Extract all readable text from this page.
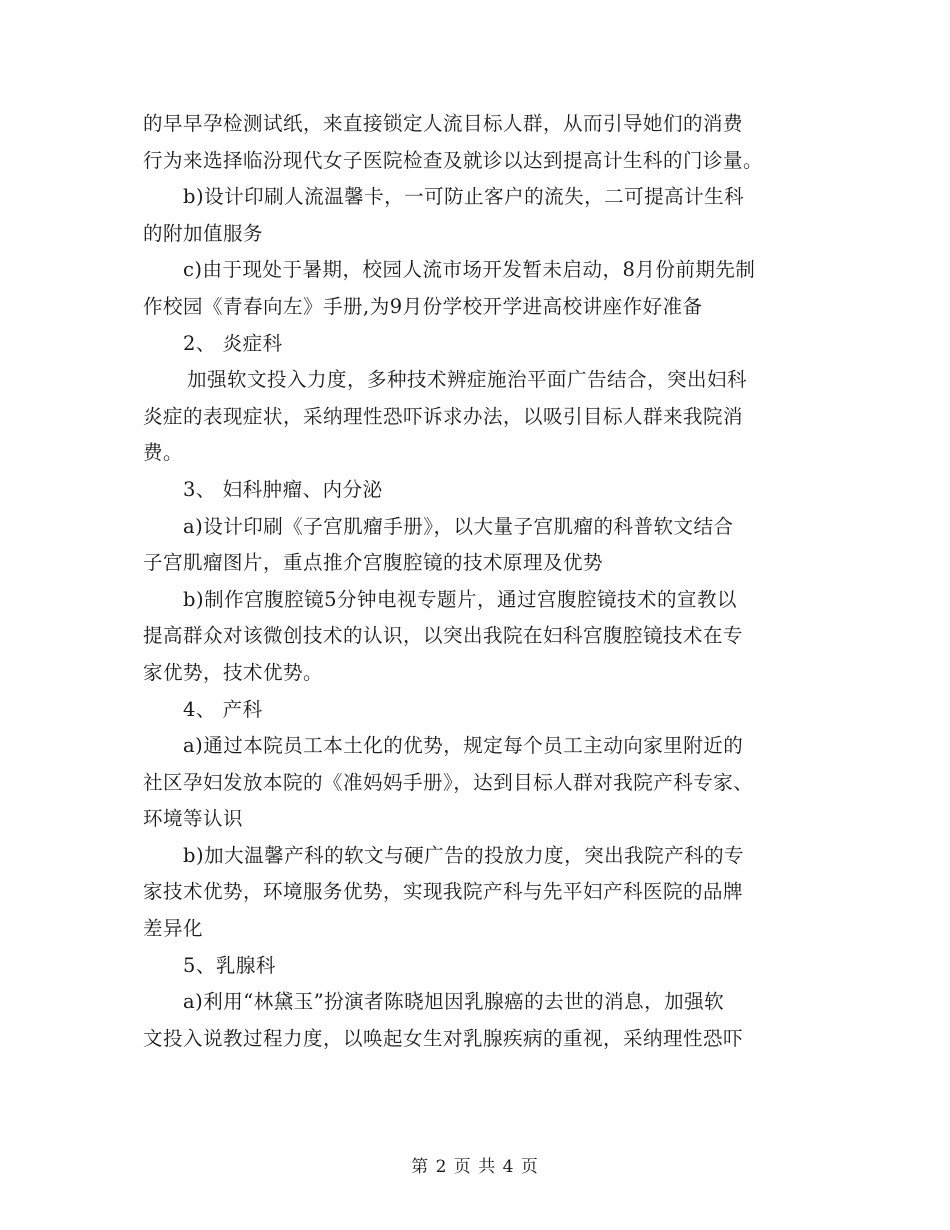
的早早孕检测试纸，来直接锁定人流目标人群，从而引导她们的消费
行为来选择临汾现代女子医院检查及就诊以达到提高计生科的门诊量。
b)设计印刷人流温馨卡，一可防止客户的流失，二可提高计生科
的附加值服务
c)由于现处于暑期，校园人流市场开发暂未启动，8月份前期先制
作校园《青春向左》手册,为9月份学校开学进高校讲座作好准备
2、 炎症科
加强软文投入力度，多种技术辨症施治平面广告结合，突出妇科
炎症的表现症状，采纳理性恐吓诉求办法，以吸引目标人群来我院消
费。
3、 妇科肿瘤、内分泌
a)设计印刷《子宫肌瘤手册》，以大量子宫肌瘤的科普软文结合
子宫肌瘤图片，重点推介宫腹腔镜的技术原理及优势
b)制作宫腹腔镜5分钟电视专题片，通过宫腹腔镜技术的宣教以
提高群众对该微创技术的认识，以突出我院在妇科宫腹腔镜技术在专
家优势，技术优势。
4、 产科
a)通过本院员工本土化的优势，规定每个员工主动向家里附近的
社区孕妇发放本院的《准妈妈手册》，达到目标人群对我院产科专家、
环境等认识
b)加大温馨产科的软文与硬广告的投放力度，突出我院产科的专
家技术优势，环境服务优势，实现我院产科与先平妇产科医院的品牌
差异化
5、乳腺科
a)利用“林黛玉”扮演者陈晓旭因乳腺癌的去世的消息，加强软
文投入说教过程力度，以唤起女生对乳腺疾病的重视，采纳理性恐吓
第 2 页 共 4 页
